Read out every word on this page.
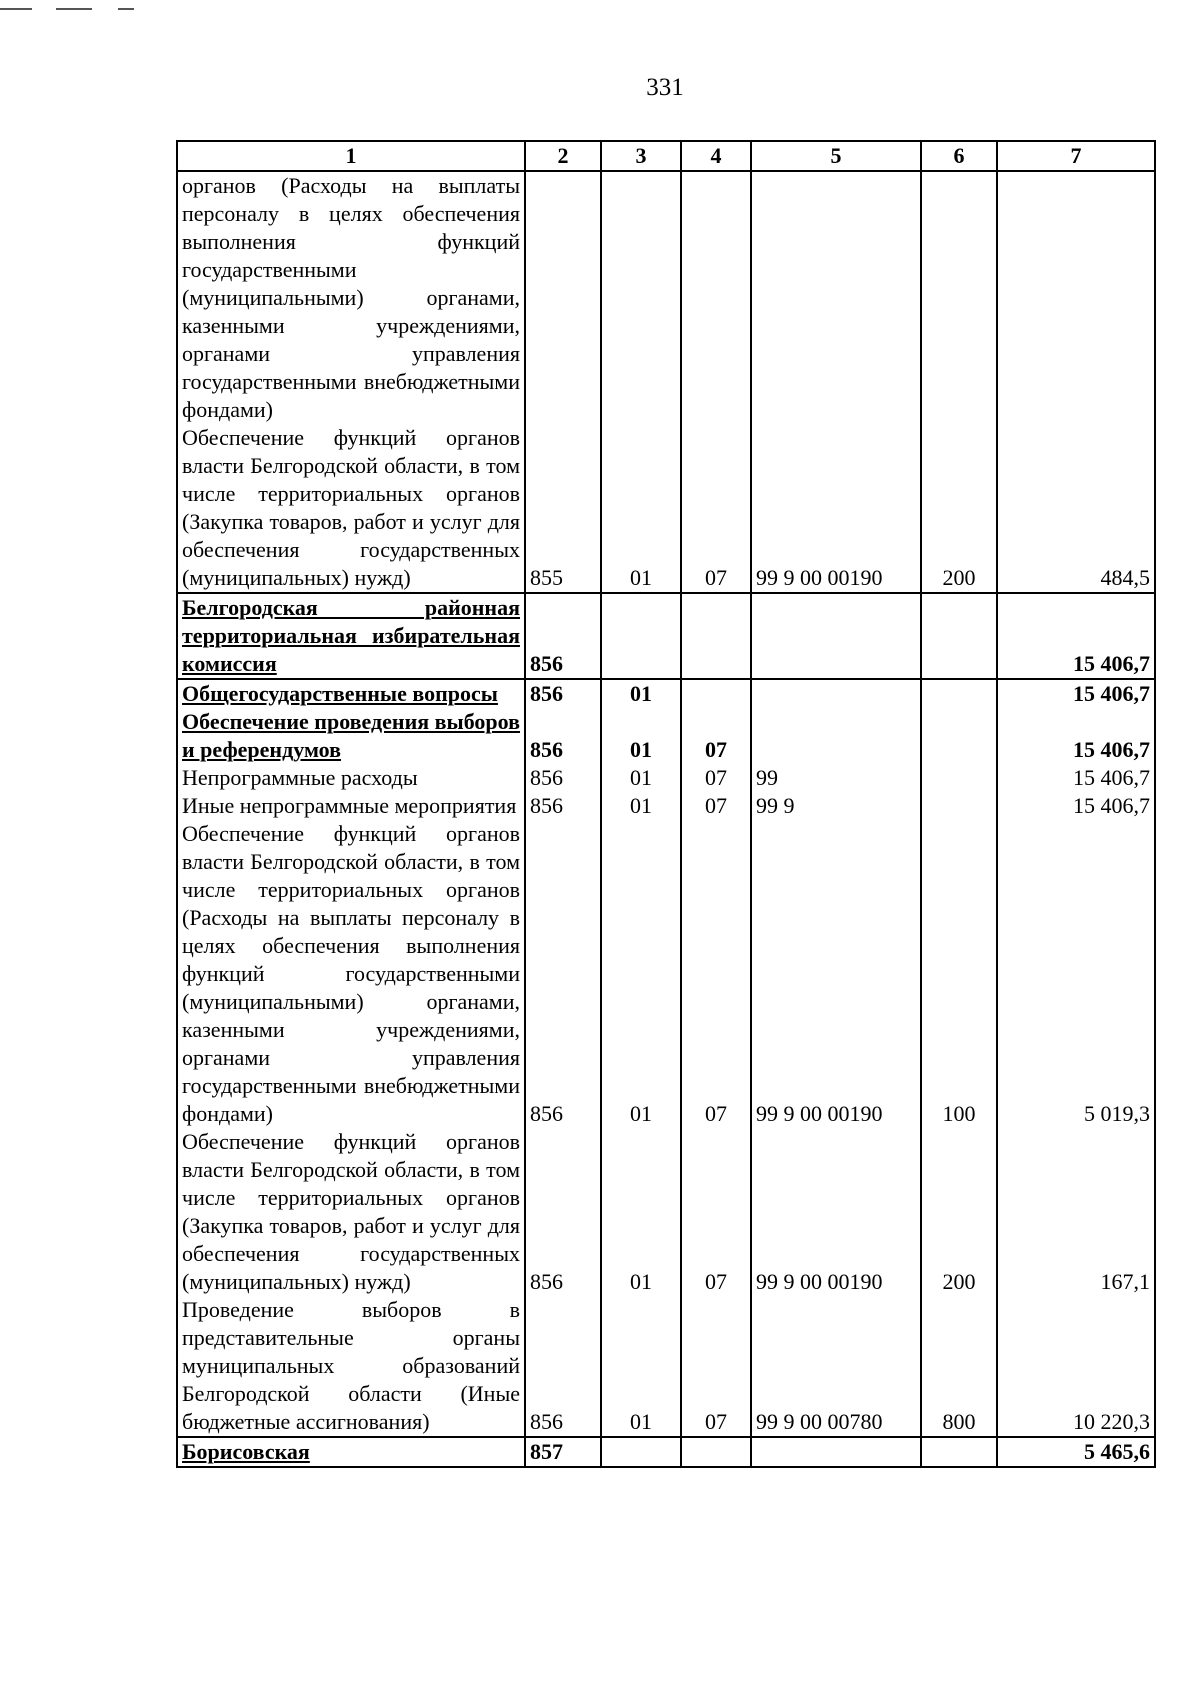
331
1	2	3	4	5	6	7
органов (Расходы на выплаты персоналу в целях обеспечения выполнения функций государственными (муниципальными) органами, казенными учреждениями, органами управления государственными внебюджетными фондами)						
Обеспечение функций органов власти Белгородской области, в том числе территориальных органов (Закупка товаров, работ и услуг для обеспечения государственных (муниципальных) нужд)	855	01	07	99 9 00 00190	200	484,5
Белгородская районная территориальная избирательная комиссия	856					15 406,7
Общегосударственные вопросы	856	01				15 406,7
Обеспечение проведения выборов и референдумов	856	01	07			15 406,7
Непрограммные расходы	856	01	07	99		15 406,7
Иные непрограммные мероприятия	856	01	07	99 9		15 406,7
Обеспечение функций органов власти Белгородской области, в том числе территориальных органов (Расходы на выплаты персоналу в целях обеспечения выполнения функций государственными (муниципальными) органами, казенными учреждениями, органами управления государственными внебюджетными фондами)	856	01	07	99 9 00 00190	100	5 019,3
Обеспечение функций органов власти Белгородской области, в том числе территориальных органов (Закупка товаров, работ и услуг для обеспечения государственных (муниципальных) нужд)	856	01	07	99 9 00 00190	200	167,1
Проведение выборов в представительные органы муниципальных образований Белгородской области (Иные бюджетные ассигнования)	856	01	07	99 9 00 00780	800	10 220,3
Борисовская	857					5 465,6
